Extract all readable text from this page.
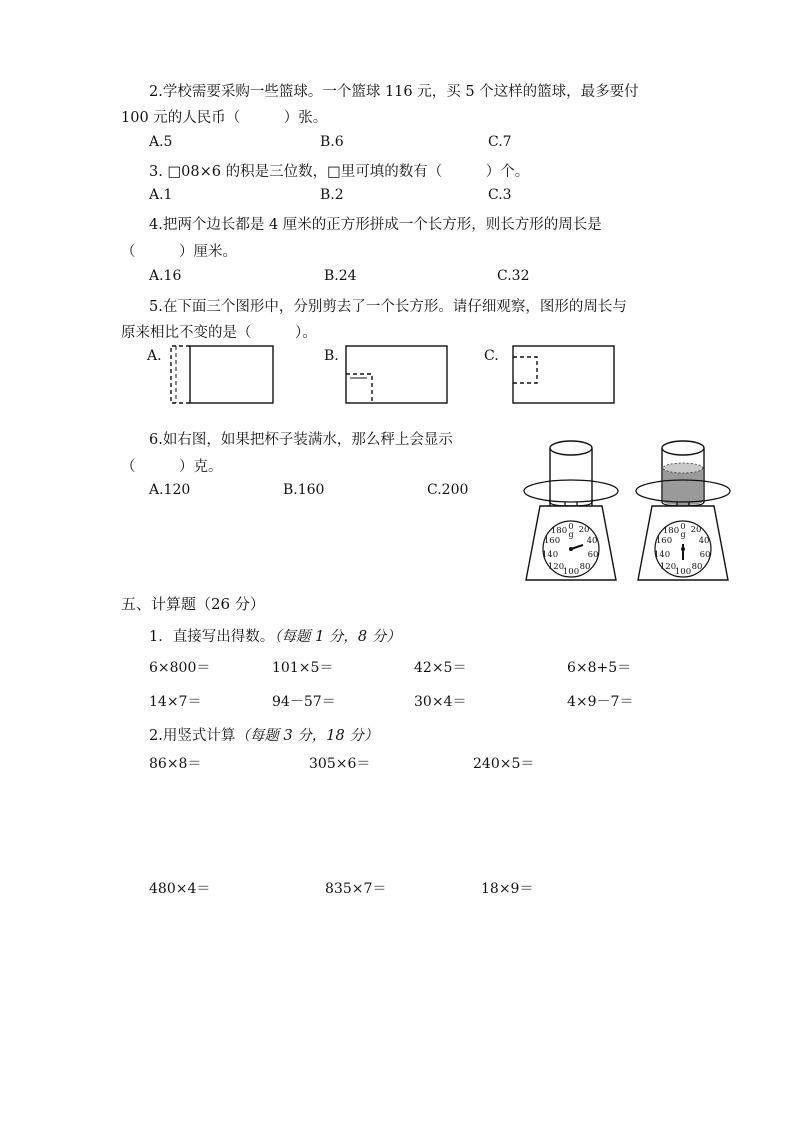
2.学校需要采购一些篮球。一个篮球 116 元，买 5 个这样的篮球，最多要付
100 元的人民币（　　　）张。
A.5	B.6	C.7
3. □08×6 的积是三位数，□里可填的数有（　　　）个。
A.1	B.2	C.3
4.把两个边长都是 4 厘米的正方形拼成一个长方形，则长方形的周长是
（　　　）厘米。
A.16	B.24	C.32
5.在下面三个图形中，分别剪去了一个长方形。请仔细观察，图形的周长与
原来相比不变的是（　　　）。
A.	B.	C.
6.如右图，如果把杯子装满水，那么秤上会显示
（　　　）克。
A.120	B.160	C.200
0 20
40
60
80
100
120
140
160
180 g
0 20
40
60
80
100
120
140
160
180 g
五、计算题（26 分）
1．直接写出得数。（每题 1 分，8 分）
6×800＝	101×5＝	42×5＝	6×8+5＝
14×7＝	94－57＝	30×4＝	4×9－7＝
2.用竖式计算（每题 3 分，18 分）
86×8＝	305×6＝	240×5＝
480×4＝	835×7＝	18×9＝
